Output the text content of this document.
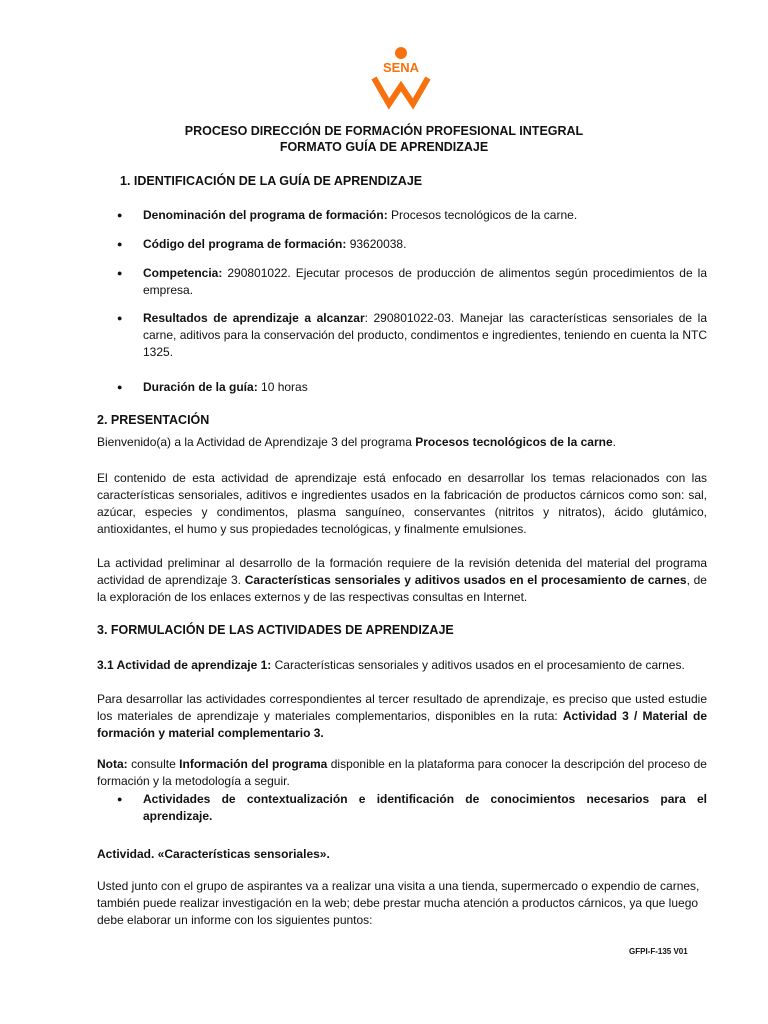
SENA
PROCESO DIRECCIÓN DE FORMACIÓN PROFESIONAL INTEGRAL
FORMATO GUÍA DE APRENDIZAJE
1. IDENTIFICACIÓN DE LA GUÍA DE APRENDIZAJE
● Denominación del programa de formación: Procesos tecnológicos de la carne.
● Código del programa de formación: 93620038.
● Competencia: 290801022. Ejecutar procesos de producción de alimentos según procedimientos de la empresa.
● Resultados de aprendizaje a alcanzar: 290801022-03. Manejar las características sensoriales de la carne, aditivos para la conservación del producto, condimentos e ingredientes, teniendo en cuenta la NTC 1325.
● Duración de la guía: 10 horas
2. PRESENTACIÓN
Bienvenido(a) a la Actividad de Aprendizaje 3 del programa Procesos tecnológicos de la carne.
El contenido de esta actividad de aprendizaje está enfocado en desarrollar los temas relacionados con las características sensoriales, aditivos e ingredientes usados en la fabricación de productos cárnicos como son: sal, azúcar, especies y condimentos, plasma sanguíneo, conservantes (nitritos y nitratos), ácido glutámico, antioxidantes, el humo y sus propiedades tecnológicas, y finalmente emulsiones.
La actividad preliminar al desarrollo de la formación requiere de la revisión detenida del material del programa actividad de aprendizaje 3. Características sensoriales y aditivos usados en el procesamiento de carnes, de la exploración de los enlaces externos y de las respectivas consultas en Internet.
3. FORMULACIÓN DE LAS ACTIVIDADES DE APRENDIZAJE
3.1 Actividad de aprendizaje 1: Características sensoriales y aditivos usados en el procesamiento de carnes.
Para desarrollar las actividades correspondientes al tercer resultado de aprendizaje, es preciso que usted estudie los materiales de aprendizaje y materiales complementarios, disponibles en la ruta: Actividad 3 / Material de formación y material complementario 3.
Nota: consulte Información del programa disponible en la plataforma para conocer la descripción del proceso de formación y la metodología a seguir.
● Actividades de contextualización e identificación de conocimientos necesarios para el aprendizaje.
Actividad. «Características sensoriales».
Usted junto con el grupo de aspirantes va a realizar una visita a una tienda, supermercado o expendio de carnes, también puede realizar investigación en la web; debe prestar mucha atención a productos cárnicos, ya que luego debe elaborar un informe con los siguientes puntos:
GFPI-F-135 V01
